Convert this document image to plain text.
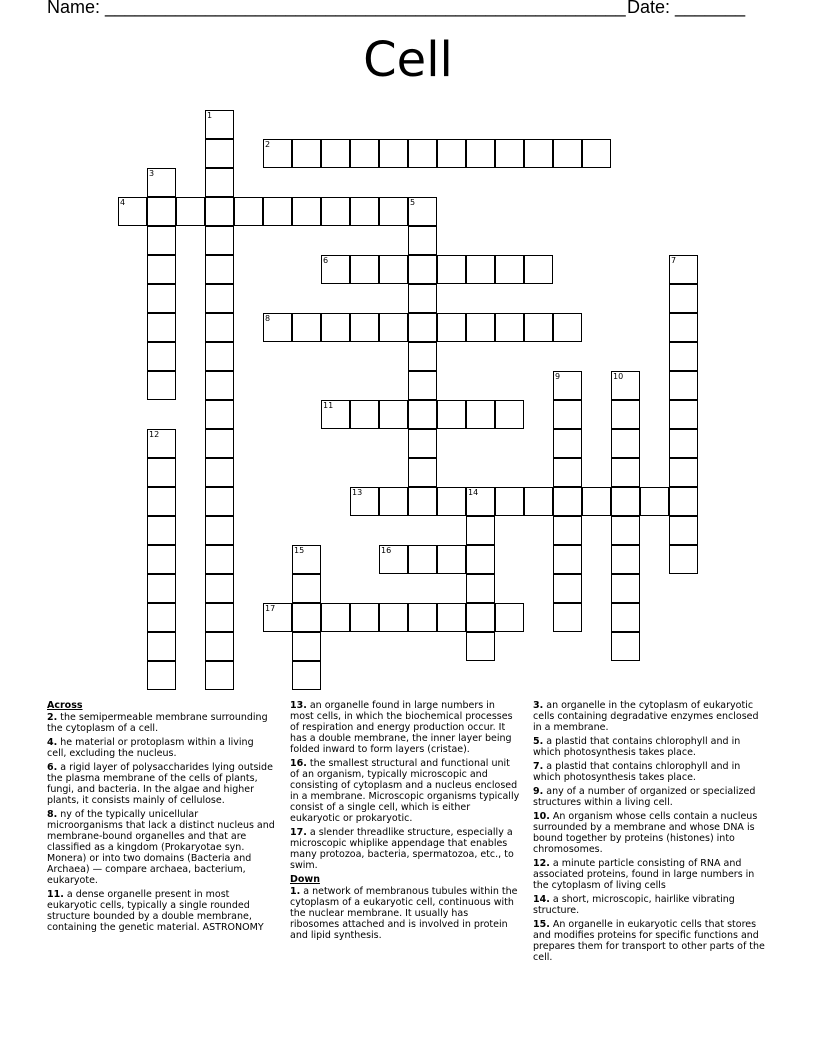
Name: ____________________________________________________ Date: _______
Cell
1
2
3
4	5
6	7
8
9	10
11
12
13	14
15	16
17
Across

2. the semipermeable membrane surrounding the cytoplasm of a cell.

4. he material or protoplasm within a living cell, excluding the nucleus.

6. a rigid layer of polysaccharides lying outside the plasma membrane of the cells of plants, fungi, and bacteria. In the algae and higher plants, it consists mainly of cellulose.

8. ny of the typically unicellular microorganisms that lack a distinct nucleus and membrane-bound organelles and that are classified as a kingdom (Prokaryotae syn. Monera) or into two domains (Bacteria and Archaea) — compare archaea, bacterium, eukaryote.

11. a dense organelle present in most eukaryotic cells, typically a single rounded structure bounded by a double membrane, containing the genetic material. ASTRONOMY

13. an organelle found in large numbers in most cells, in which the biochemical processes of respiration and energy production occur. It has a double membrane, the inner layer being folded inward to form layers (cristae).

16. the smallest structural and functional unit of an organism, typically microscopic and consisting of cytoplasm and a nucleus enclosed in a membrane. Microscopic organisms typically consist of a single cell, which is either eukaryotic or prokaryotic.

17. a slender threadlike structure, especially a microscopic whiplike appendage that enables many protozoa, bacteria, spermatozoa, etc., to swim.

Down

1. a network of membranous tubules within the cytoplasm of a eukaryotic cell, continuous with the nuclear membrane. It usually has ribosomes attached and is involved in protein and lipid synthesis.

3. an organelle in the cytoplasm of eukaryotic cells containing degradative enzymes enclosed in a membrane.

5. a plastid that contains chlorophyll and in which photosynthesis takes place.

7. a plastid that contains chlorophyll and in which photosynthesis takes place.

9. any of a number of organized or specialized structures within a living cell.

10. An organism whose cells contain a nucleus surrounded by a membrane and whose DNA is bound together by proteins (histones) into chromosomes.

12. a minute particle consisting of RNA and associated proteins, found in large numbers in the cytoplasm of living cells

14. a short, microscopic, hairlike vibrating structure.

15. An organelle in eukaryotic cells that stores and modifies proteins for specific functions and prepares them for transport to other parts of the cell.
